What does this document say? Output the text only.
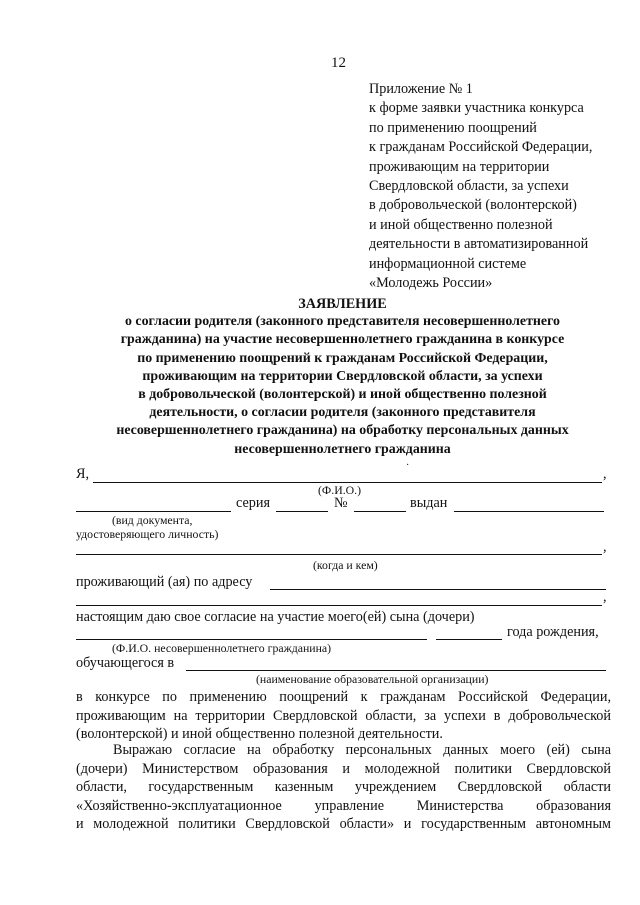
12
Приложение № 1
к форме заявки участника конкурса
по применению поощрений
к гражданам Российской Федерации,
проживающим на территории
Свердловской области, за успехи
в добровольческой (волонтерской)
и иной общественно полезной
деятельности в автоматизированной
информационной системе
«Молодежь России»
ЗАЯВЛЕНИЕ
о согласии родителя (законного представителя несовершеннолетнего
гражданина) на участие несовершеннолетнего гражданина в конкурсе
по применению поощрений к гражданам Российской Федерации,
проживающим на территории Свердловской области, за успехи
в добровольческой (волонтерской) и иной общественно полезной
деятельности, о согласии родителя (законного представителя
несовершеннолетнего гражданина) на обработку персональных данных
несовершеннолетнего гражданина
Я,	,
·
(Ф.И.О.)
серия	№	выдан
(вид документа,
удостоверяющего личность)
,
(когда и кем)
проживающий (ая) по адресу
,
настоящим даю свое согласие на участие моего(ей) сына (дочери)
года рождения,
(Ф.И.О. несовершеннолетнего гражданина)
обучающегося в
(наименование образовательной организации)
в конкурсе по применению поощрений к гражданам Российской Федерации,
проживающим на территории Свердловской области, за успехи в добровольческой
(волонтерской) и иной общественно полезной деятельности.
Выражаю согласие на обработку персональных данных моего (ей) сына
(дочери) Министерством образования и молодежной политики Свердловской
области, государственным казенным учреждением Свердловской области
«Хозяйственно-эксплуатационное управление Министерства образования
и молодежной политики Свердловской области» и государственным автономным
